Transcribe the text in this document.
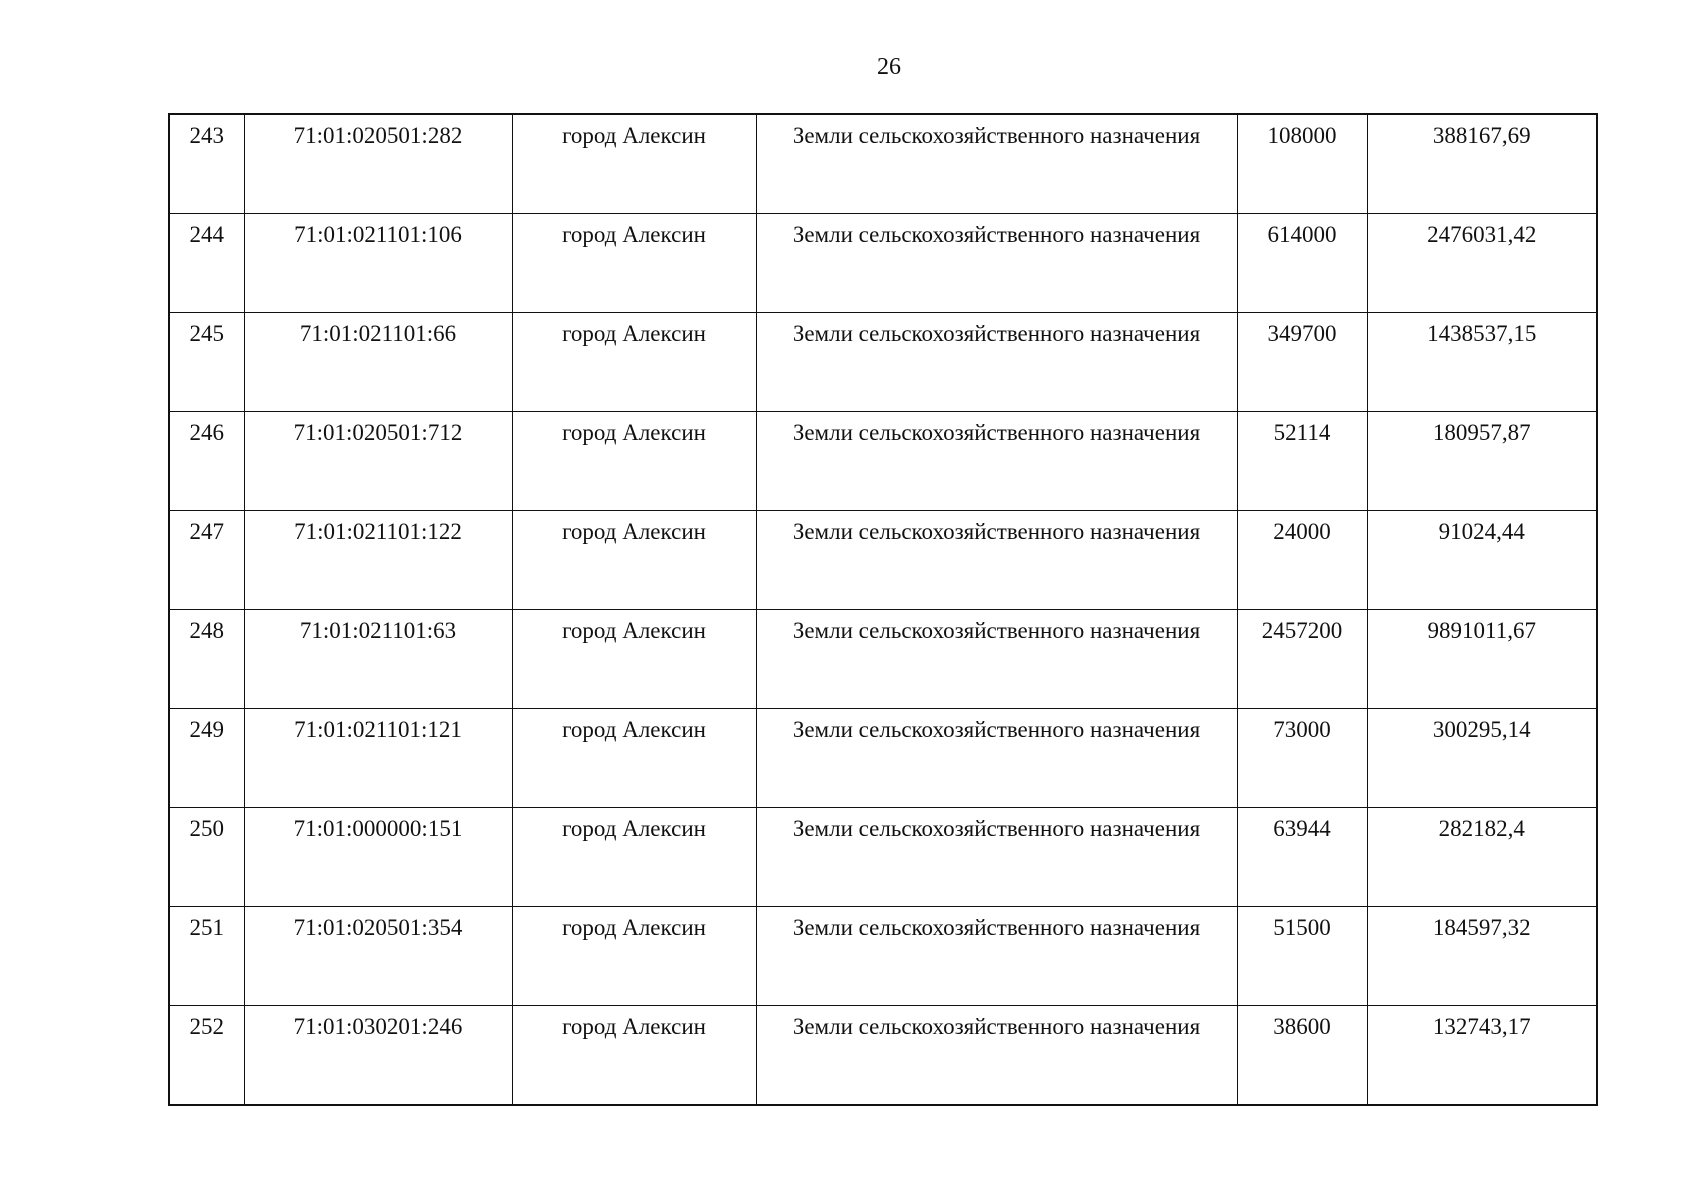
26
243	71:01:020501:282	город Алексин	Земли сельскохозяйственного назначения	108000	388167,69
244	71:01:021101:106	город Алексин	Земли сельскохозяйственного назначения	614000	2476031,42
245	71:01:021101:66	город Алексин	Земли сельскохозяйственного назначения	349700	1438537,15
246	71:01:020501:712	город Алексин	Земли сельскохозяйственного назначения	52114	180957,87
247	71:01:021101:122	город Алексин	Земли сельскохозяйственного назначения	24000	91024,44
248	71:01:021101:63	город Алексин	Земли сельскохозяйственного назначения	2457200	9891011,67
249	71:01:021101:121	город Алексин	Земли сельскохозяйственного назначения	73000	300295,14
250	71:01:000000:151	город Алексин	Земли сельскохозяйственного назначения	63944	282182,4
251	71:01:020501:354	город Алексин	Земли сельскохозяйственного назначения	51500	184597,32
252	71:01:030201:246	город Алексин	Земли сельскохозяйственного назначения	38600	132743,17
